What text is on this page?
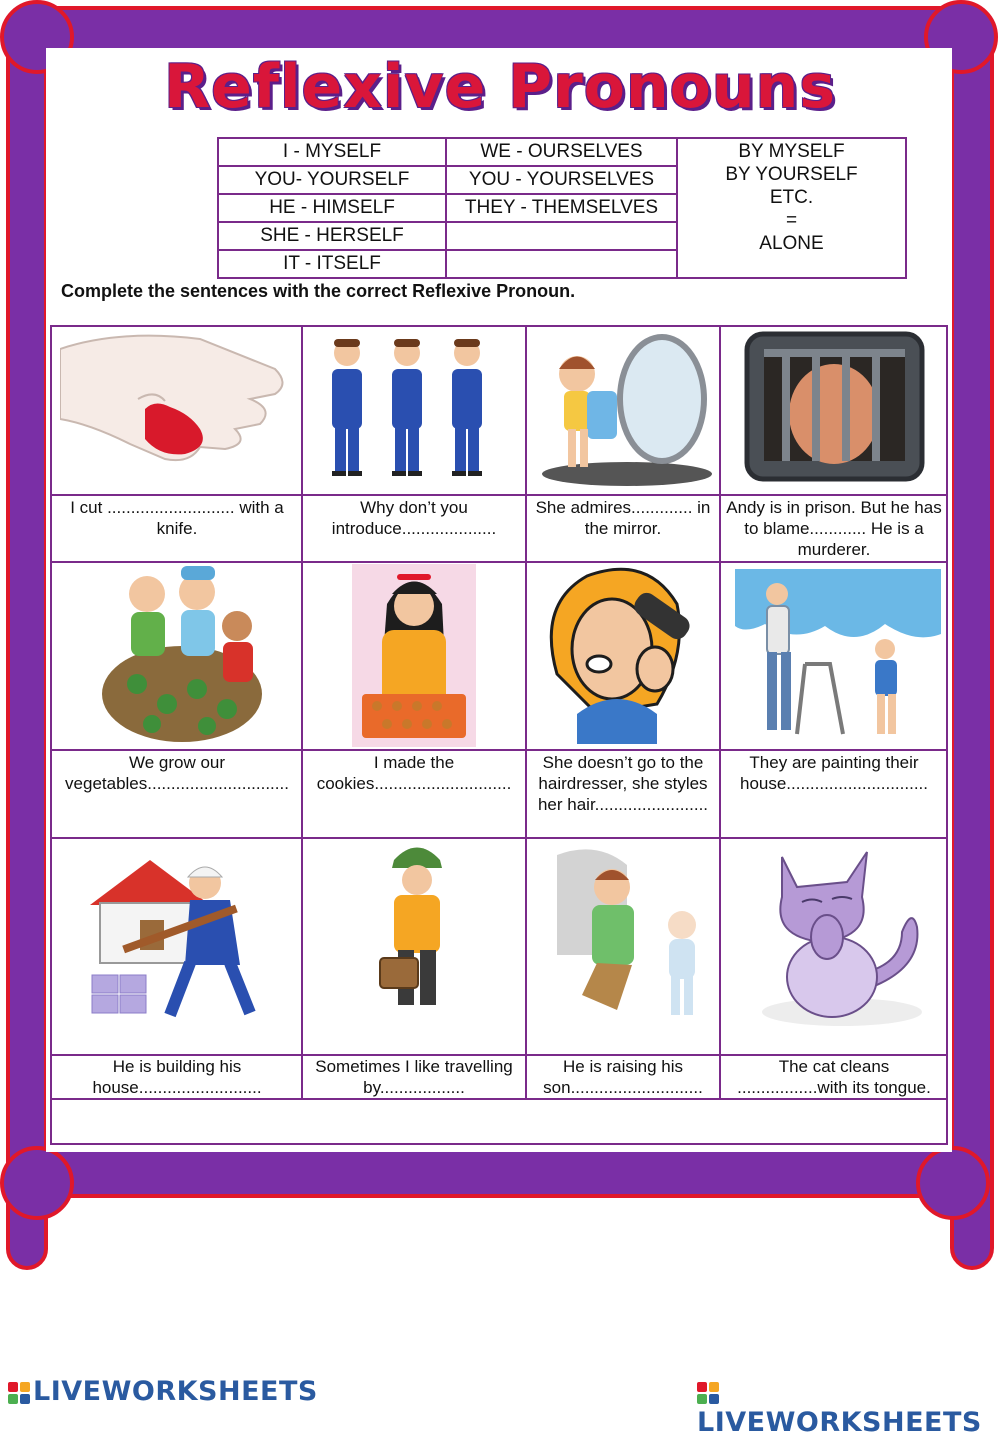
Reflexive Pronouns
I - MYSELF
YOU- YOURSELF
HE - HIMSELF
SHE - HERSELF
IT - ITSELF
WE - OURSELVES
YOU - YOURSELVES
THEY - THEMSELVES
BY MYSELF
BY YOURSELF
ETC.
=
ALONE
Complete the sentences with the correct Reflexive Pronoun.
I cut ........................... with a knife.
Why don’t you introduce....................
She admires............. in the mirror.
Andy is in prison. But he has to blame............ He is a murderer.
We grow our vegetables..............................
I made the cookies.............................
She doesn’t go to the hairdresser, she styles her hair........................
They are painting their house..............................
He is building his house..........................
Sometimes I like travelling by..................
He is raising his son............................
The cat cleans .................with its tongue.
LIVEWORKSHEETS
LIVEWORKSHEETS
